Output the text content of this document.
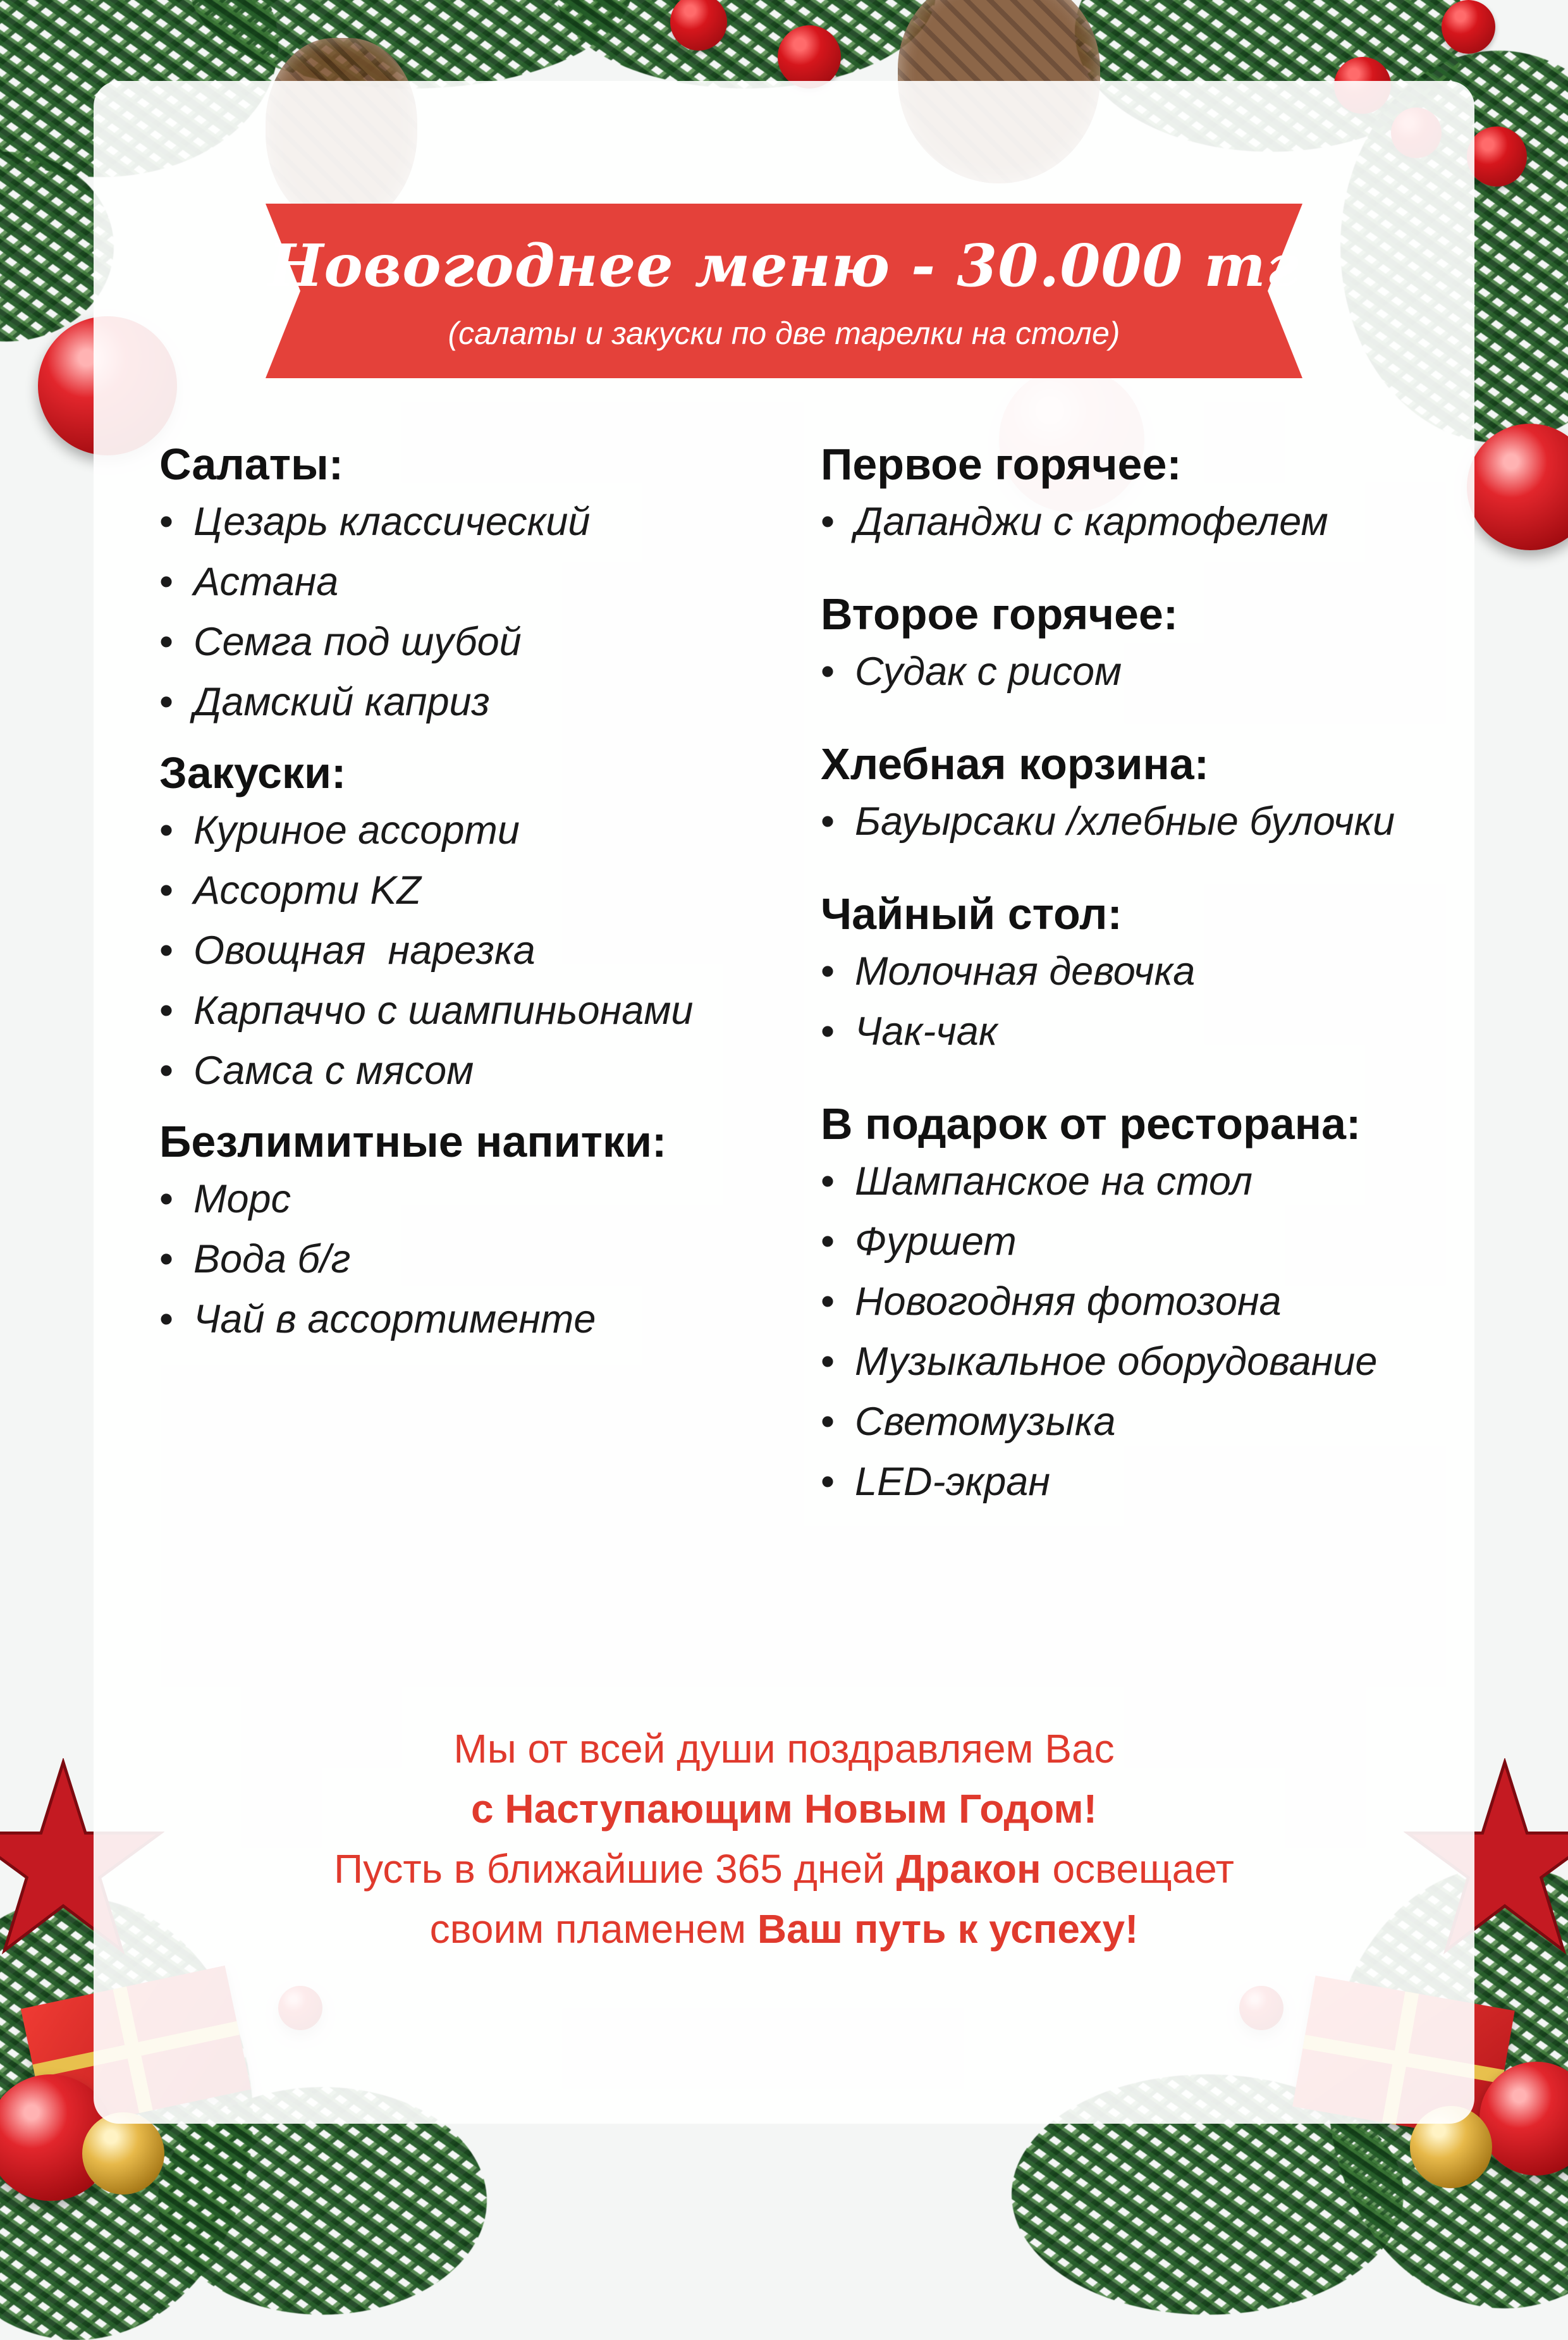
Новогоднее меню - 30.000 тг
(салаты и закуски по две тарелки на столе)
Салаты:
• Цезарь классический
• Астана
• Семга под шубой
• Дамский каприз
Закуски:
• Куриное ассорти
• Ассорти KZ
• Овощная  нарезка
• Карпаччо с шампиньонами
• Самса с мясом
Безлимитные напитки:
• Морс
• Вода б/г
• Чай в ассортименте
Первое горячее:
• Дапанджи с картофелем
Второе горячее:
• Судак с рисом
Хлебная корзина:
• Бауырсаки /хлебные булочки
Чайный стол:
• Молочная девочка
• Чак-чак
В подарок от ресторана:
• Шампанское на стол
• Фуршет
• Новогодняя фотозона
• Музыкальное оборудование
• Светомузыка
• LED-экран
Мы от всей души поздравляем Вас
с Наступающим Новым Годом!
Пусть в ближайшие 365 дней Дракон освещает
своим пламенем Ваш путь к успеху!
